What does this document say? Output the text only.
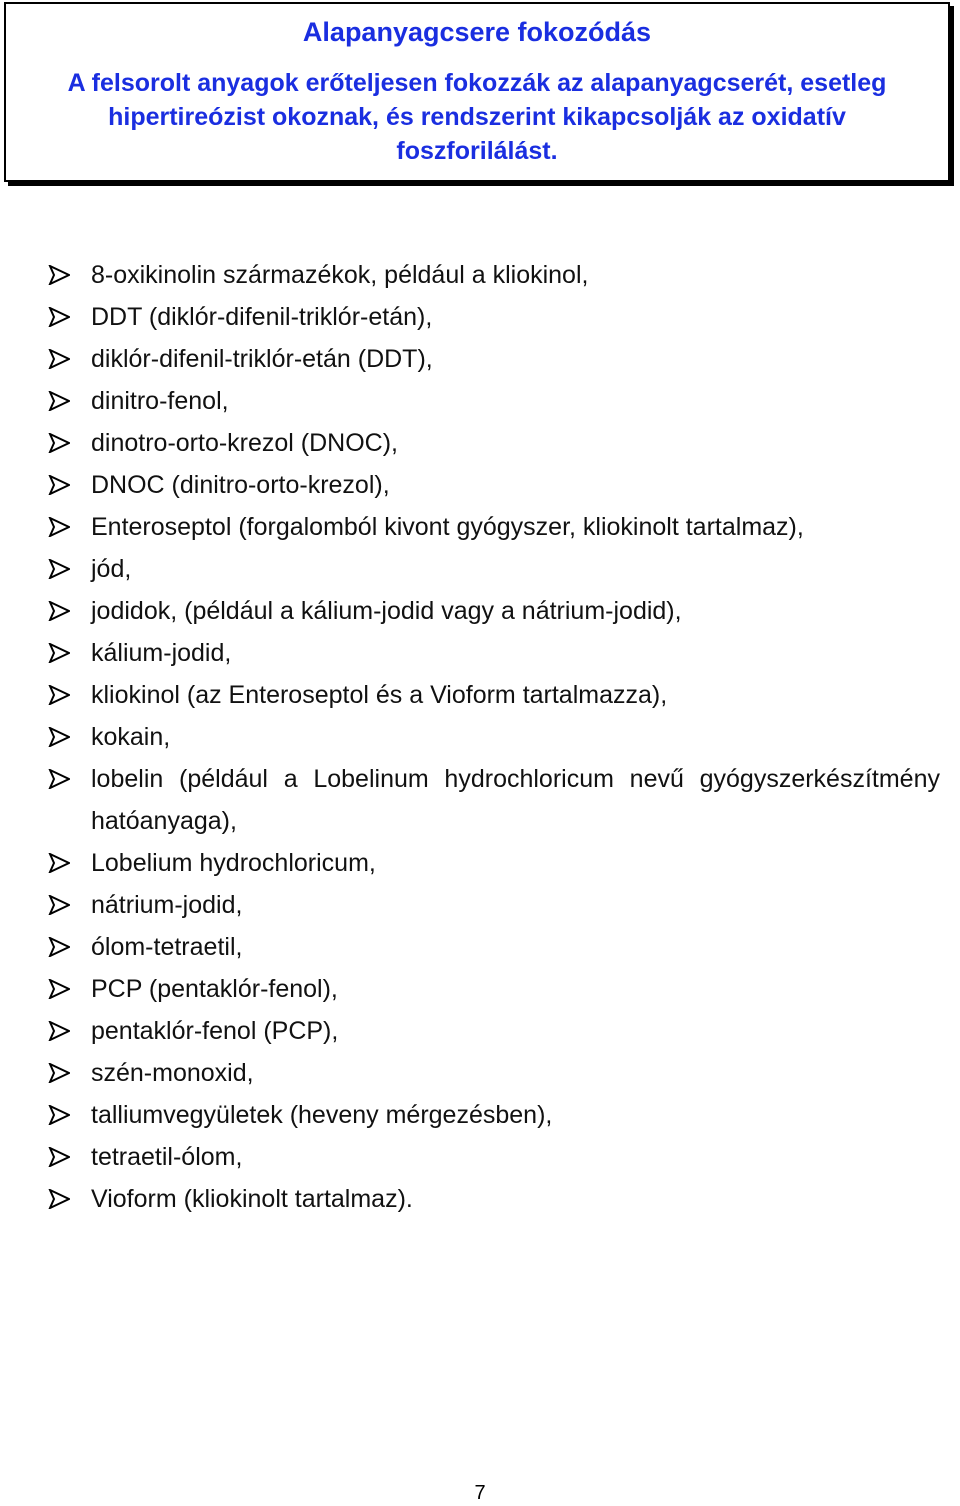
Alapanyagcsere fokozódás

A felsorolt anyagok erőteljesen fokozzák az alapanyagcserét, esetleg hipertireózist okoznak, és rendszerint kikapcsolják az oxidatív foszforilálást.

8-oxikinolin származékok, például a kliokinol,
DDT (diklór-difenil-triklór-etán),
diklór-difenil-triklór-etán (DDT),
dinitro-fenol,
dinotro-orto-krezol (DNOC),
DNOC (dinitro-orto-krezol),
Enteroseptol (forgalomból kivont gyógyszer, kliokinolt tartalmaz),
jód,
jodidok, (például a kálium-jodid vagy a nátrium-jodid),
kálium-jodid,
kliokinol (az Enteroseptol és a Vioform tartalmazza),
kokain,
lobelin (például a Lobelinum hydrochloricum nevű gyógyszerkészítmény hatóanyaga),
Lobelium hydrochloricum,
nátrium-jodid,
ólom-tetraetil,
PCP (pentaklór-fenol),
pentaklór-fenol (PCP),
szén-monoxid,
talliumvegyületek (heveny mérgezésben),
tetraetil-ólom,
Vioform (kliokinolt tartalmaz).
7
